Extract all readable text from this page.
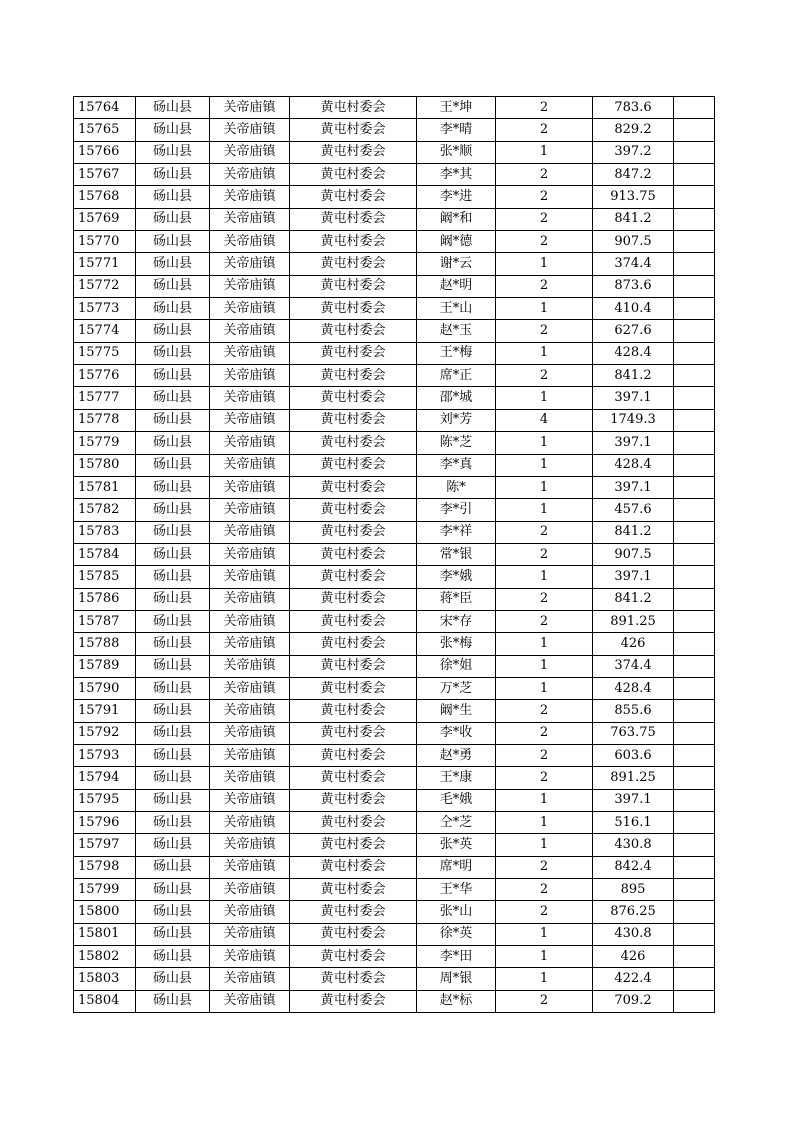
15764	砀山县	关帝庙镇	黄屯村委会	王*坤	2	783.6	
15765	砀山县	关帝庙镇	黄屯村委会	李*晴	2	829.2	
15766	砀山县	关帝庙镇	黄屯村委会	张*顺	1	397.2	
15767	砀山县	关帝庙镇	黄屯村委会	李*其	2	847.2	
15768	砀山县	关帝庙镇	黄屯村委会	李*进	2	913.75	
15769	砀山县	关帝庙镇	黄屯村委会	阚*和	2	841.2	
15770	砀山县	关帝庙镇	黄屯村委会	阚*德	2	907.5	
15771	砀山县	关帝庙镇	黄屯村委会	谢*云	1	374.4	
15772	砀山县	关帝庙镇	黄屯村委会	赵*明	2	873.6	
15773	砀山县	关帝庙镇	黄屯村委会	王*山	1	410.4	
15774	砀山县	关帝庙镇	黄屯村委会	赵*玉	2	627.6	
15775	砀山县	关帝庙镇	黄屯村委会	王*梅	1	428.4	
15776	砀山县	关帝庙镇	黄屯村委会	席*正	2	841.2	
15777	砀山县	关帝庙镇	黄屯村委会	邵*城	1	397.1	
15778	砀山县	关帝庙镇	黄屯村委会	刘*芳	4	1749.3	
15779	砀山县	关帝庙镇	黄屯村委会	陈*芝	1	397.1	
15780	砀山县	关帝庙镇	黄屯村委会	李*真	1	428.4	
15781	砀山县	关帝庙镇	黄屯村委会	陈*	1	397.1	
15782	砀山县	关帝庙镇	黄屯村委会	李*引	1	457.6	
15783	砀山县	关帝庙镇	黄屯村委会	李*祥	2	841.2	
15784	砀山县	关帝庙镇	黄屯村委会	常*银	2	907.5	
15785	砀山县	关帝庙镇	黄屯村委会	李*娥	1	397.1	
15786	砀山县	关帝庙镇	黄屯村委会	蒋*臣	2	841.2	
15787	砀山县	关帝庙镇	黄屯村委会	宋*存	2	891.25	
15788	砀山县	关帝庙镇	黄屯村委会	张*梅	1	426	
15789	砀山县	关帝庙镇	黄屯村委会	徐*姐	1	374.4	
15790	砀山县	关帝庙镇	黄屯村委会	万*芝	1	428.4	
15791	砀山县	关帝庙镇	黄屯村委会	阚*生	2	855.6	
15792	砀山县	关帝庙镇	黄屯村委会	李*收	2	763.75	
15793	砀山县	关帝庙镇	黄屯村委会	赵*勇	2	603.6	
15794	砀山县	关帝庙镇	黄屯村委会	王*康	2	891.25	
15795	砀山县	关帝庙镇	黄屯村委会	毛*娥	1	397.1	
15796	砀山县	关帝庙镇	黄屯村委会	仝*芝	1	516.1	
15797	砀山县	关帝庙镇	黄屯村委会	张*英	1	430.8	
15798	砀山县	关帝庙镇	黄屯村委会	席*明	2	842.4	
15799	砀山县	关帝庙镇	黄屯村委会	王*华	2	895	
15800	砀山县	关帝庙镇	黄屯村委会	张*山	2	876.25	
15801	砀山县	关帝庙镇	黄屯村委会	徐*英	1	430.8	
15802	砀山县	关帝庙镇	黄屯村委会	李*田	1	426	
15803	砀山县	关帝庙镇	黄屯村委会	周*银	1	422.4	
15804	砀山县	关帝庙镇	黄屯村委会	赵*标	2	709.2	
